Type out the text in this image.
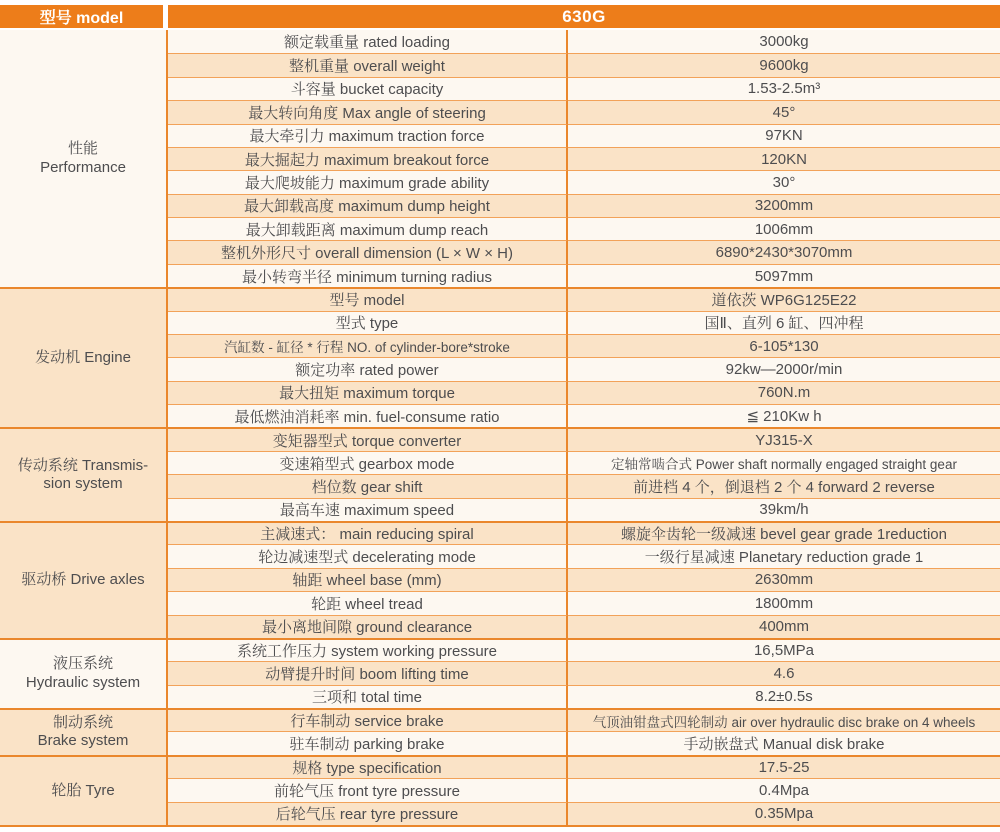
型号 model	630G
性能
Performance
额定载重量 rated loading	3000kg
整机重量 overall weight	9600kg
斗容量 bucket capacity	1.53-2.5m³
最大转向角度 Max angle of steering	45°
最大牵引力 maximum traction force	97KN
最大掘起力 maximum breakout force	120KN
最大爬坡能力 maximum grade ability	30°
最大卸载高度 maximum dump height	3200mm
最大卸载距离 maximum dump reach	1006mm
整机外形尺寸 overall dimension (L × W × H)	6890*2430*3070mm
最小转弯半径 minimum turning radius	5097mm
发动机 Engine
型号 model	道依茨 WP6G125E22
型式 type	国Ⅱ、直列 6 缸、四冲程
汽缸数 - 缸径 * 行程 NO. of cylinder-bore*stroke	6-105*130
额定功率 rated power	92kw—2000r/min
最大扭矩 maximum torque	760N.m
最低燃油消耗率 min. fuel-consume ratio	≦ 210Kw h
传动系统 Transmis-
sion system
变矩器型式 torque converter	YJ315-X
变速箱型式 gearbox mode	定轴常啮合式 Power shaft normally engaged straight gear
档位数 gear shift	前进档 4 个，倒退档 2 个 4 forward 2 reverse
最高车速 maximum speed	39km/h
驱动桥 Drive axles
主减速式： main reducing spiral	螺旋伞齿轮一级减速 bevel gear grade 1reduction
轮边减速型式 decelerating mode	一级行星减速 Planetary reduction grade 1
轴距 wheel base (mm)	2630mm
轮距 wheel tread	1800mm
最小离地间隙 ground clearance	400mm
液压系统
Hydraulic system
系统工作压力 system working pressure	16,5MPa
动臂提升时间 boom lifting time	4.6
三项和 total time	8.2±0.5s
制动系统
Brake system
行车制动 service brake	气顶油钳盘式四轮制动 air over hydraulic disc brake on 4 wheels
驻车制动 parking brake	手动嵌盘式 Manual disk brake
轮胎 Tyre
规格 type specification	17.5-25
前轮气压 front tyre pressure	0.4Mpa
后轮气压 rear tyre pressure	0.35Mpa
